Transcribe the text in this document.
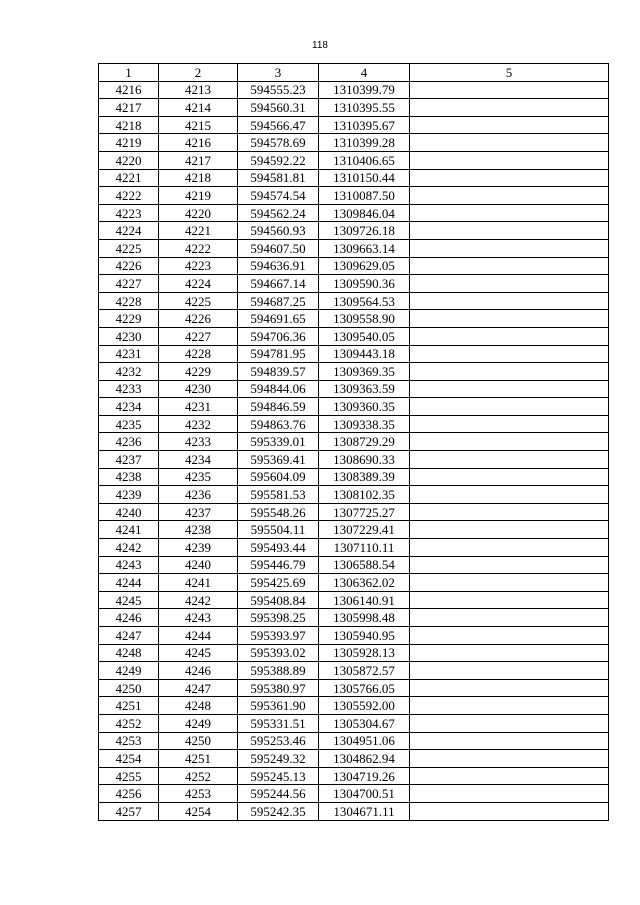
118
1	2	3	4	5
4216	4213	594555.23	1310399.79	
4217	4214	594560.31	1310395.55	
4218	4215	594566.47	1310395.67	
4219	4216	594578.69	1310399.28	
4220	4217	594592.22	1310406.65	
4221	4218	594581.81	1310150.44	
4222	4219	594574.54	1310087.50	
4223	4220	594562.24	1309846.04	
4224	4221	594560.93	1309726.18	
4225	4222	594607.50	1309663.14	
4226	4223	594636.91	1309629.05	
4227	4224	594667.14	1309590.36	
4228	4225	594687.25	1309564.53	
4229	4226	594691.65	1309558.90	
4230	4227	594706.36	1309540.05	
4231	4228	594781.95	1309443.18	
4232	4229	594839.57	1309369.35	
4233	4230	594844.06	1309363.59	
4234	4231	594846.59	1309360.35	
4235	4232	594863.76	1309338.35	
4236	4233	595339.01	1308729.29	
4237	4234	595369.41	1308690.33	
4238	4235	595604.09	1308389.39	
4239	4236	595581.53	1308102.35	
4240	4237	595548.26	1307725.27	
4241	4238	595504.11	1307229.41	
4242	4239	595493.44	1307110.11	
4243	4240	595446.79	1306588.54	
4244	4241	595425.69	1306362.02	
4245	4242	595408.84	1306140.91	
4246	4243	595398.25	1305998.48	
4247	4244	595393.97	1305940.95	
4248	4245	595393.02	1305928.13	
4249	4246	595388.89	1305872.57	
4250	4247	595380.97	1305766.05	
4251	4248	595361.90	1305592.00	
4252	4249	595331.51	1305304.67	
4253	4250	595253.46	1304951.06	
4254	4251	595249.32	1304862.94	
4255	4252	595245.13	1304719.26	
4256	4253	595244.56	1304700.51	
4257	4254	595242.35	1304671.11	
